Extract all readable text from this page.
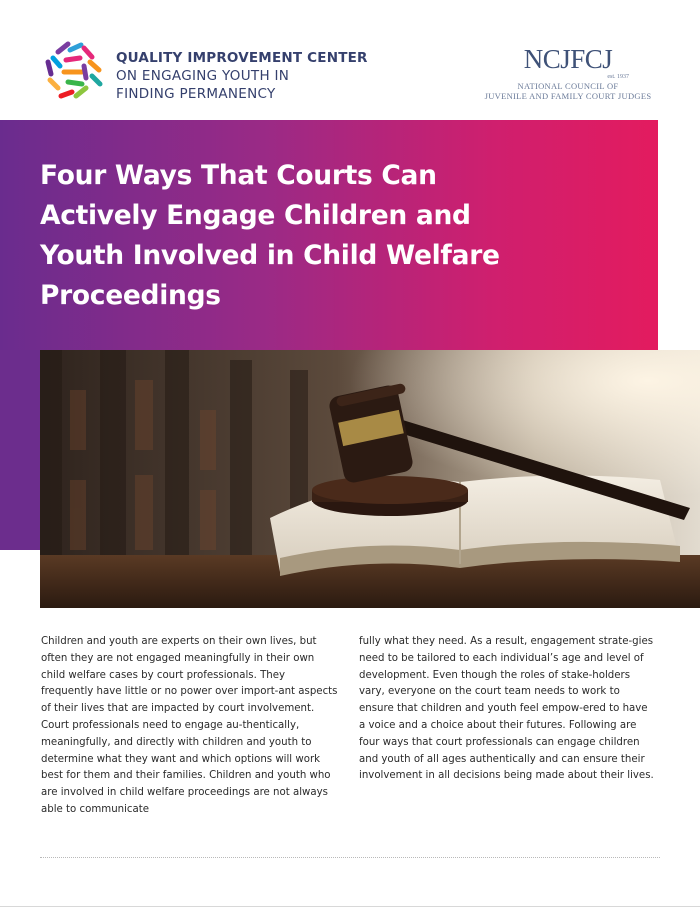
QUALITY IMPROVEMENT CENTER
ON ENGAGING YOUTH IN
FINDING PERMANENCY
NCJFCJ
est. 1937
NATIONAL COUNCIL OF
JUVENILE AND FAMILY COURT JUDGES
Four Ways That Courts Can Actively Engage Children and Youth Involved in Child Welfare Proceedings

Children and youth are experts on their own lives, but often they are not engaged meaningfully in their own child welfare cases by court professionals. They frequently have little or no power over import-ant aspects of their lives that are impacted by court involvement. Court professionals need to engage au-thentically, meaningfully, and directly with children and youth to determine what they want and which options will work best for them and their families. Children and youth who are involved in child welfare proceedings are not always able to communicate

fully what they need. As a result, engagement strate-gies need to be tailored to each individual’s age and level of development. Even though the roles of stake-holders vary, everyone on the court team needs to work to ensure that children and youth feel empow-ered to have a voice and a choice about their futures. Following are four ways that court professionals can engage children and youth of all ages authentically and can ensure their involvement in all decisions being made about their lives.
